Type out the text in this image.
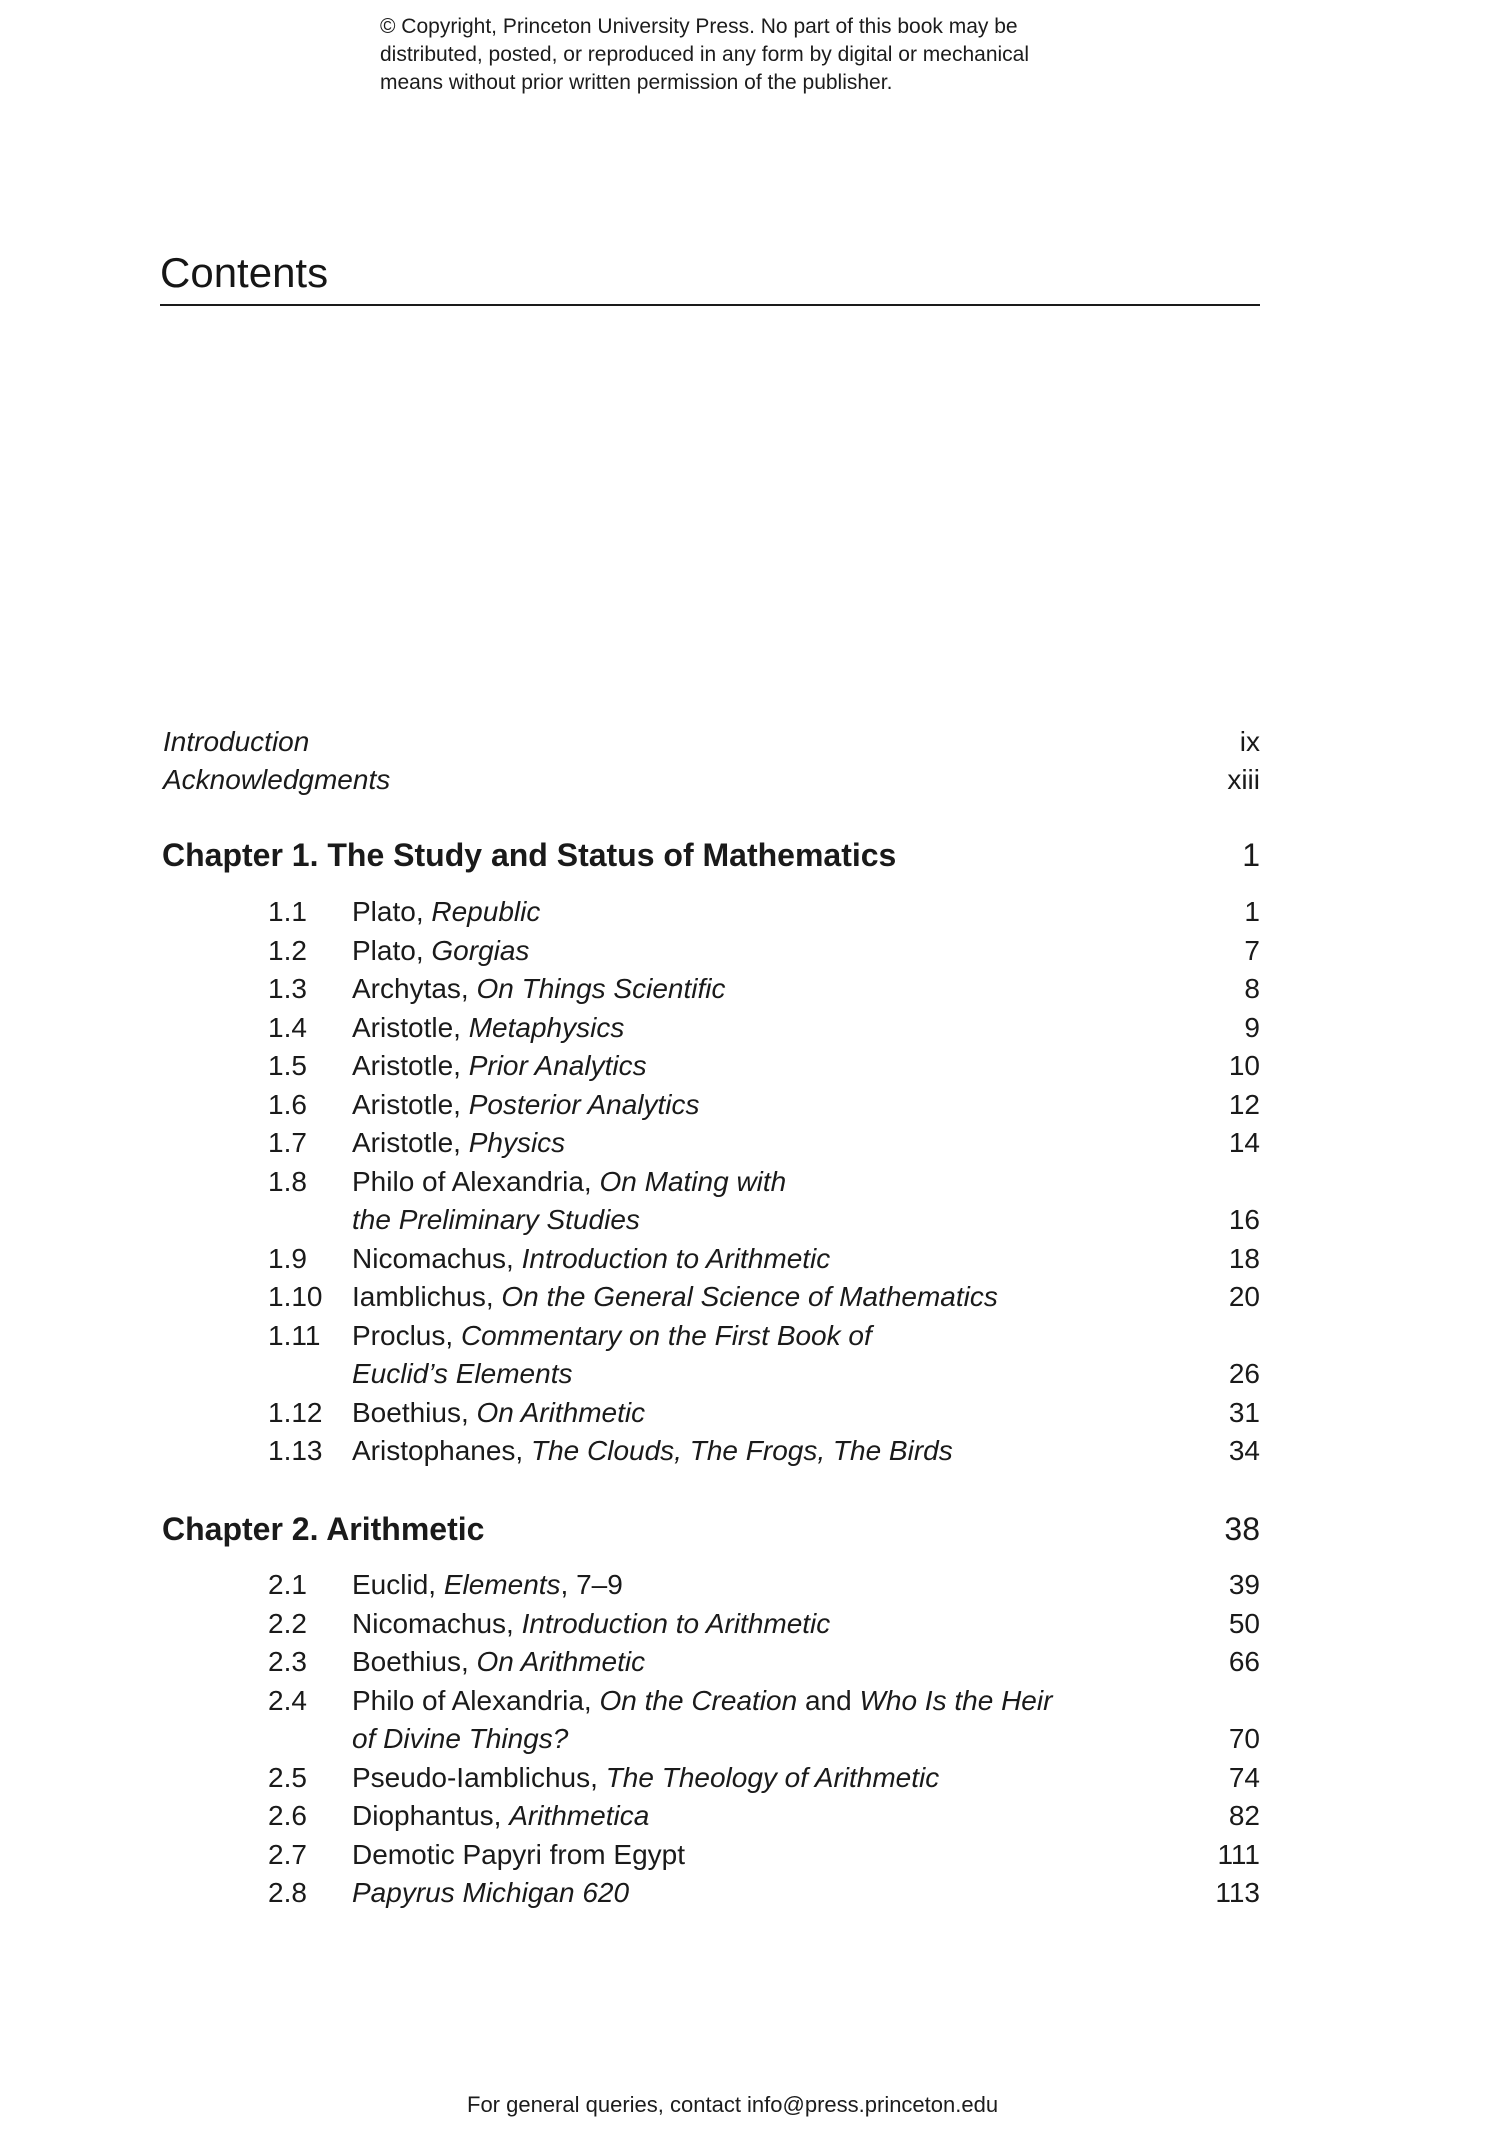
© Copyright, Princeton University Press. No part of this book may be
distributed, posted, or reproduced in any form by digital or mechanical
means without prior written permission of the publisher.
Contents
Introduction	ix
Acknowledgments	xiii
Chapter 1. The Study and Status of Mathematics	1
1.1 Plato, Republic	1
1.2 Plato, Gorgias	7
1.3 Archytas, On Things Scientific	8
1.4 Aristotle, Metaphysics	9
1.5 Aristotle, Prior Analytics	10
1.6 Aristotle, Posterior Analytics	12
1.7 Aristotle, Physics	14
1.8 Philo of Alexandria, On Mating with
the Preliminary Studies	16
1.9 Nicomachus, Introduction to Arithmetic	18
1.10 Iamblichus, On the General Science of Mathematics	20
1.11 Proclus, Commentary on the First Book of
Euclid’s Elements	26
1.12 Boethius, On Arithmetic	31
1.13 Aristophanes, The Clouds, The Frogs, The Birds	34
Chapter 2. Arithmetic	38
2.1 Euclid, Elements, 7–9	39
2.2 Nicomachus, Introduction to Arithmetic	50
2.3 Boethius, On Arithmetic	66
2.4 Philo of Alexandria, On the Creation and Who Is the Heir
of Divine Things?	70
2.5 Pseudo-Iamblichus, The Theology of Arithmetic	74
2.6 Diophantus, Arithmetica	82
2.7 Demotic Papyri from Egypt	111
2.8 Papyrus Michigan 620	113
For general queries, contact info@press.princeton.edu
